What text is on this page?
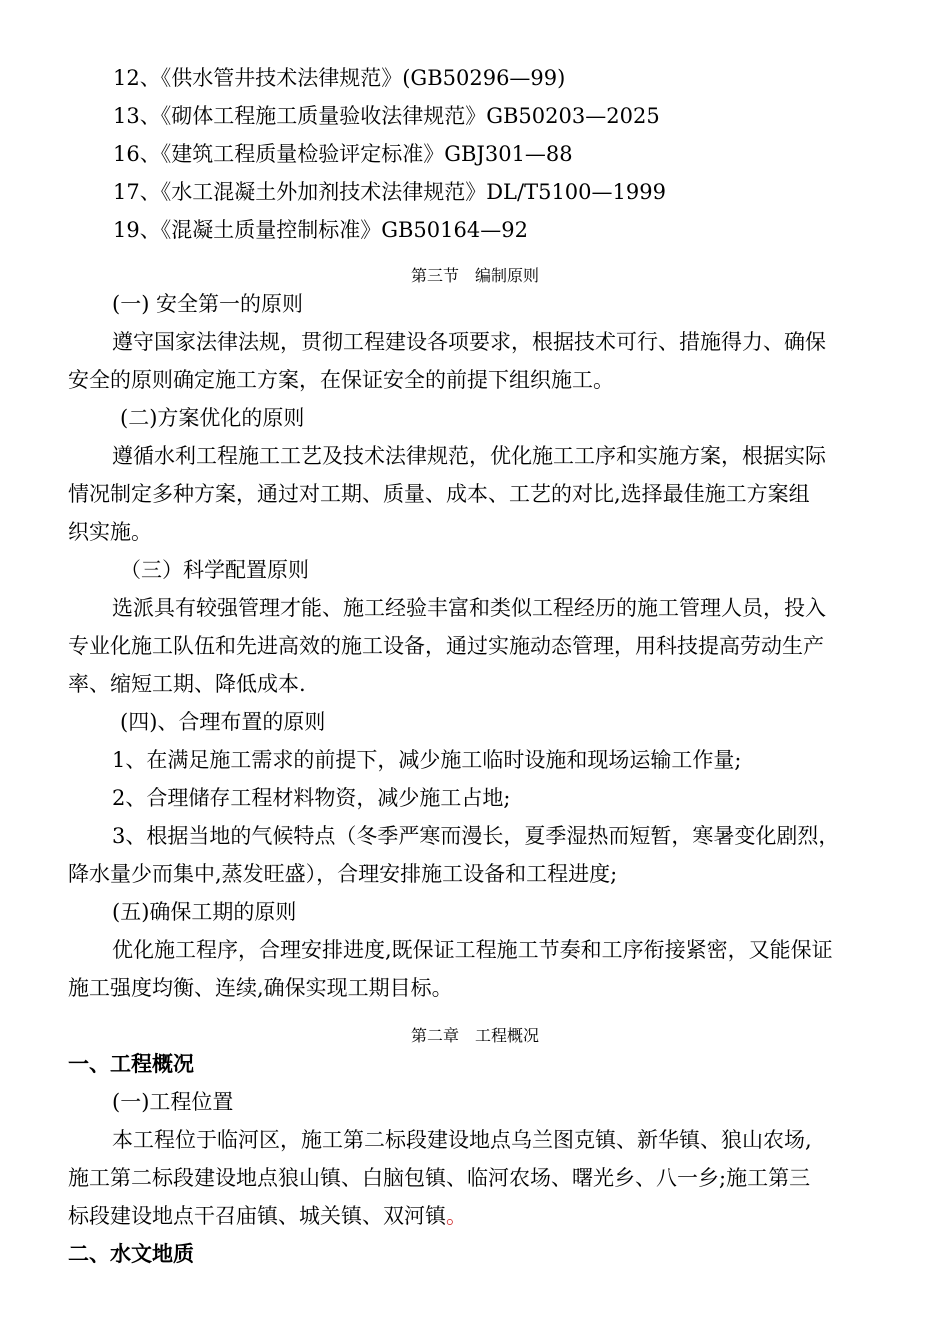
12、《供水管井技术法律规范》(GB50296—99)
13、《砌体工程施工质量验收法律规范》GB50203—2025
16、《建筑工程质量检验评定标准》GBJ301—88
17、《水工混凝土外加剂技术法律规范》DL/T5100—1999
19、《混凝土质量控制标准》GB50164—92
第三节　编制原则
(一) 安全第一的原则
遵守国家法律法规，贯彻工程建设各项要求，根据技术可行、措施得力、确保
安全的原则确定施工方案，在保证安全的前提下组织施工。
(二)方案优化的原则
遵循水利工程施工工艺及技术法律规范，优化施工工序和实施方案，根据实际
情况制定多种方案，通过对工期、质量、成本、工艺的对比,选择最佳施工方案组
织实施。
（三）科学配置原则
选派具有较强管理才能、施工经验丰富和类似工程经历的施工管理人员，投入
专业化施工队伍和先进高效的施工设备，通过实施动态管理，用科技提高劳动生产
率、缩短工期、降低成本.
(四)、合理布置的原则
1、在满足施工需求的前提下，减少施工临时设施和现场运输工作量;
2、合理储存工程材料物资，减少施工占地;
3、根据当地的气候特点（冬季严寒而漫长，夏季湿热而短暂，寒暑变化剧烈，
降水量少而集中,蒸发旺盛），合理安排施工设备和工程进度;
(五)确保工期的原则
优化施工程序，合理安排进度,既保证工程施工节奏和工序衔接紧密，又能保证
施工强度均衡、连续,确保实现工期目标。
第二章　工程概况
一、工程概况
(一)工程位置
本工程位于临河区，施工第二标段建设地点乌兰图克镇、新华镇、狼山农场,
施工第二标段建设地点狼山镇、白脑包镇、临河农场、曙光乡、八一乡;施工第三
标段建设地点干召庙镇、城关镇、双河镇。
二、水文地质
